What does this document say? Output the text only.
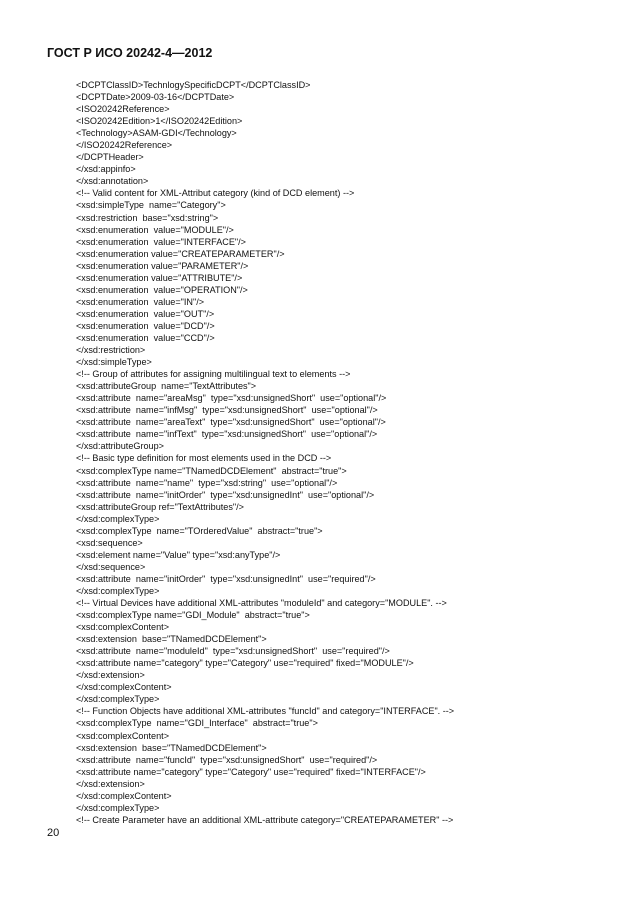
ГОСТ Р ИСО 20242-4—2012
<DCPTClassID>TechnlogySpecificDCPT</DCPTClassID>
<DCPTDate>2009-03-16</DCPTDate>
<ISO20242Reference>
<ISO20242Edition>1</ISO20242Edition>
<Technology>ASAM-GDI</Technology>
</ISO20242Reference>
</DCPTHeader>
</xsd:appinfo>
</xsd:annotation>
<!-- Valid content for XML-Attribut category (kind of DCD element) -->
<xsd:simpleType  name="Category">
<xsd:restriction  base="xsd:string">
<xsd:enumeration  value="MODULE"/>
<xsd:enumeration  value="INTERFACE"/>
<xsd:enumeration value="CREATEPARAMETER"/>
<xsd:enumeration value="PARAMETER"/>
<xsd:enumeration value="ATTRIBUTE"/>
<xsd:enumeration  value="OPERATION"/>
<xsd:enumeration  value="IN"/>
<xsd:enumeration  value="OUT"/>
<xsd:enumeration  value="DCD"/>
<xsd:enumeration  value="CCD"/>
</xsd:restriction>
</xsd:simpleType>
<!-- Group of attributes for assigning multilingual text to elements -->
<xsd:attributeGroup  name="TextAttributes">
<xsd:attribute  name="areaMsg"  type="xsd:unsignedShort"  use="optional"/>
<xsd:attribute  name="infMsg"  type="xsd:unsignedShort"  use="optional"/>
<xsd:attribute  name="areaText"  type="xsd:unsignedShort"  use="optional"/>
<xsd:attribute  name="infText"  type="xsd:unsignedShort"  use="optional"/>
</xsd:attributeGroup>
<!-- Basic type definition for most elements used in the DCD -->
<xsd:complexType name="TNamedDCDElement"  abstract="true">
<xsd:attribute  name="name"  type="xsd:string"  use="optional"/>
<xsd:attribute  name="initOrder"  type="xsd:unsignedInt"  use="optional"/>
<xsd:attributeGroup ref="TextAttributes"/>
</xsd:complexType>
<xsd:complexType  name="TOrderedValue"  abstract="true">
<xsd:sequence>
<xsd:element name="Value" type="xsd:anyType"/>
</xsd:sequence>
<xsd:attribute  name="initOrder"  type="xsd:unsignedInt"  use="required"/>
</xsd:complexType>
<!-- Virtual Devices have additional XML-attributes "moduleId" and category="MODULE". -->
<xsd:complexType name="GDI_Module"  abstract="true">
<xsd:complexContent>
<xsd:extension  base="TNamedDCDElement">
<xsd:attribute  name="moduleId"  type="xsd:unsignedShort"  use="required"/>
<xsd:attribute name="category" type="Category" use="required" fixed="MODULE"/>
</xsd:extension>
</xsd:complexContent>
</xsd:complexType>
<!-- Function Objects have additional XML-attributes "funcId" and category="INTERFACE". -->
<xsd:complexType  name="GDI_Interface"  abstract="true">
<xsd:complexContent>
<xsd:extension  base="TNamedDCDElement">
<xsd:attribute  name="funcId"  type="xsd:unsignedShort"  use="required"/>
<xsd:attribute name="category" type="Category" use="required" fixed="INTERFACE"/>
</xsd:extension>
</xsd:complexContent>
</xsd:complexType>
<!-- Create Parameter have an additional XML-attribute category="CREATEPARAMETER" -->
20
